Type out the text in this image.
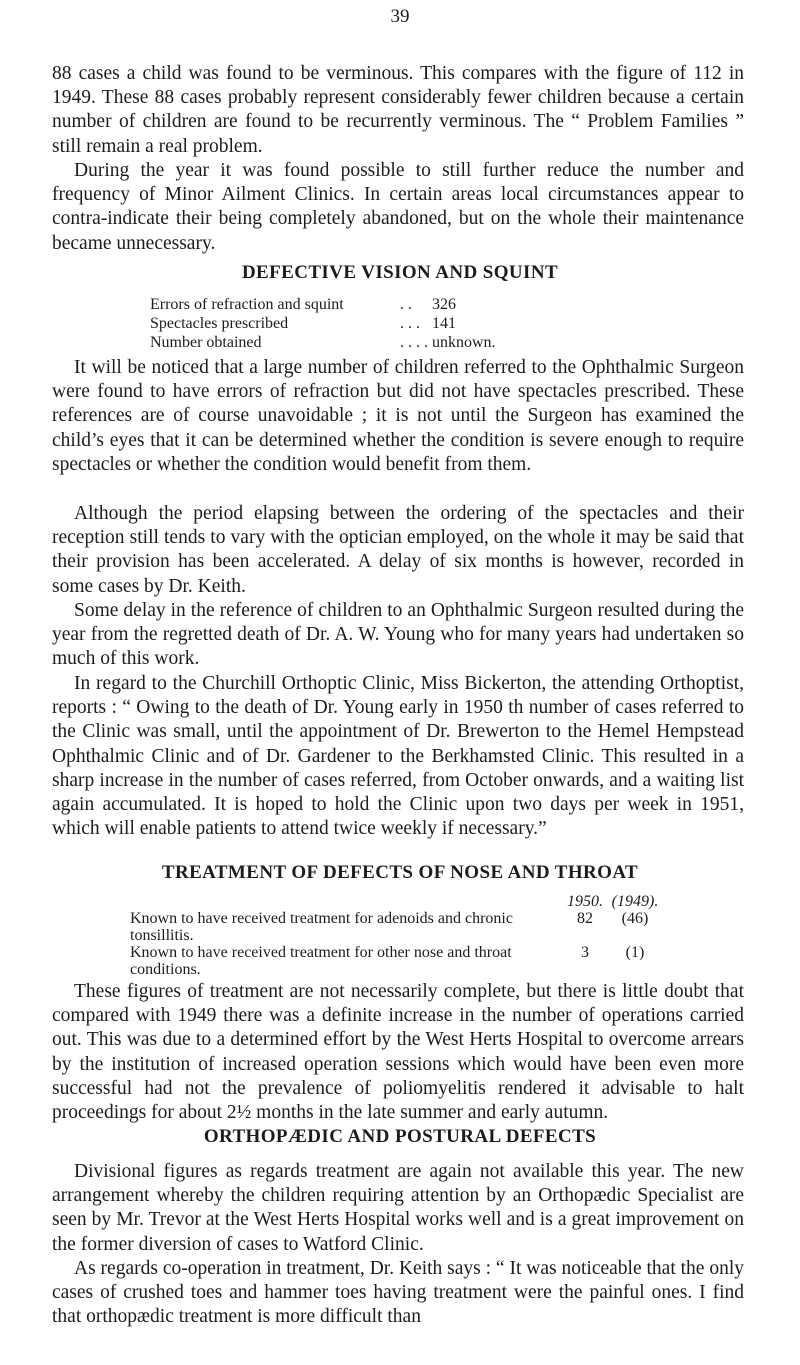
39

88 cases a child was found to be verminous. This compares with the figure of 112 in 1949. These 88 cases probably represent considerably fewer children because a certain number of children are found to be recurrently verminous. The “ Problem Families ” still remain a real problem.

During the year it was found possible to still further reduce the number and frequency of Minor Ailment Clinics. In certain areas local circumstances appear to contra-indicate their being completely abandoned, but on the whole their maintenance became unnecessary.

DEFECTIVE VISION AND SQUINT
Errors of refraction and squint	. .	326
Spectacles prescribed	. . .	141
Number obtained	. . . .	unknown.

It will be noticed that a large number of children referred to the Ophthalmic Surgeon were found to have errors of refraction but did not have spectacles prescribed. These references are of course unavoidable ; it is not until the Surgeon has examined the child’s eyes that it can be determined whether the condition is severe enough to require spectacles or whether the condition would benefit from them.

Although the period elapsing between the ordering of the spectacles and their reception still tends to vary with the optician employed, on the whole it may be said that their provision has been accelerated. A delay of six months is however, recorded in some cases by Dr. Keith.

Some delay in the reference of children to an Ophthalmic Surgeon resulted during the year from the regretted death of Dr. A. W. Young who for many years had undertaken so much of this work.

In regard to the Churchill Orthoptic Clinic, Miss Bickerton, the attending Orthoptist, reports : “ Owing to the death of Dr. Young early in 1950 th number of cases referred to the Clinic was small, until the appointment of Dr. Brewerton to the Hemel Hempstead Ophthalmic Clinic and of Dr. Gardener to the Berkhamsted Clinic. This resulted in a sharp increase in the number of cases referred, from October onwards, and a waiting list again accumulated. It is hoped to hold the Clinic upon two days per week in 1951, which will enable patients to attend twice weekly if necessary.”

TREATMENT OF DEFECTS OF NOSE AND THROAT
	1950.	(1949).
Known to have received treatment for adenoids and chronic tonsillitis.	82	(46)
Known to have received treatment for other nose and throat conditions.	3	(1)

These figures of treatment are not necessarily complete, but there is little doubt that compared with 1949 there was a definite increase in the number of operations carried out. This was due to a determined effort by the West Herts Hospital to overcome arrears by the institution of increased operation sessions which would have been even more successful had not the prevalence of poliomyelitis rendered it advisable to halt proceedings for about 2½ months in the late summer and early autumn.

ORTHOPÆDIC AND POSTURAL DEFECTS

Divisional figures as regards treatment are again not available this year. The new arrangement whereby the children requiring attention by an Orthopædic Specialist are seen by Mr. Trevor at the West Herts Hospital works well and is a great improvement on the former diversion of cases to Watford Clinic.

As regards co-operation in treatment, Dr. Keith says : “ It was noticeable that the only cases of crushed toes and hammer toes having treatment were the painful ones. I find that orthopædic treatment is more difficult than
